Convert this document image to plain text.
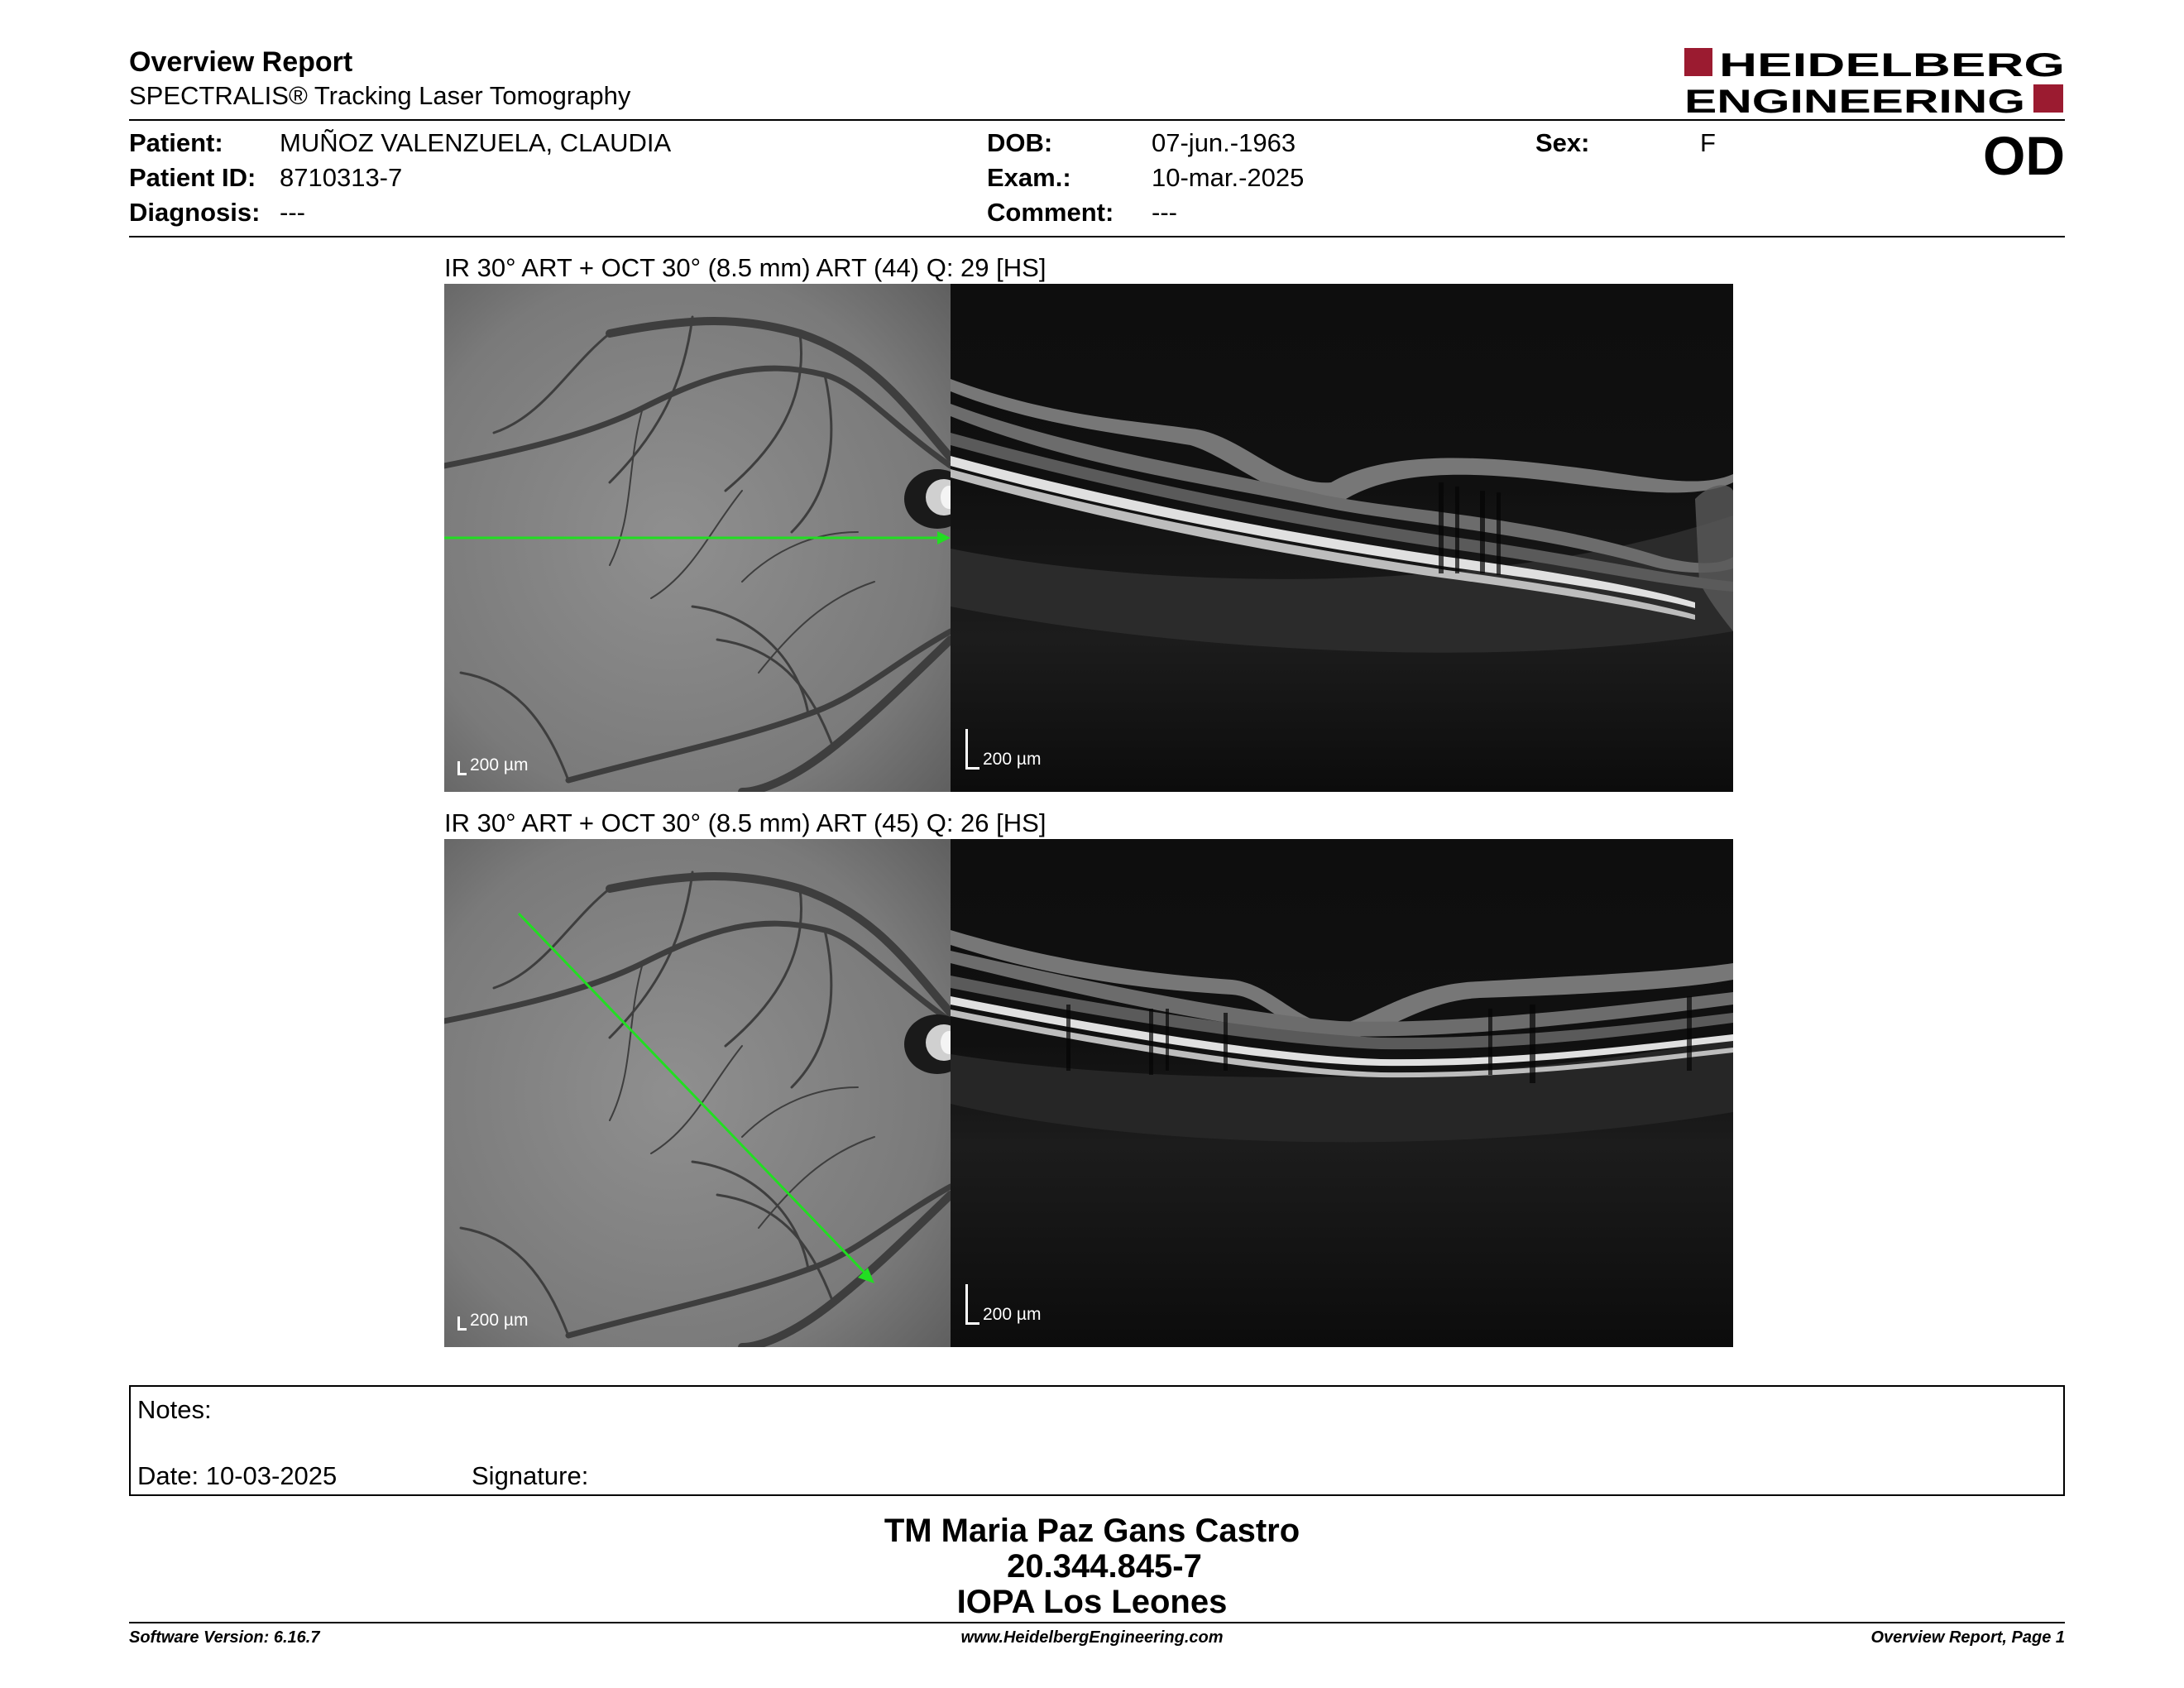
Overview Report
SPECTRALIS® Tracking Laser Tomography
HEIDELBERG
ENGINEERING
Patient: MUÑOZ VALENZUELA, CLAUDIA
Patient ID: 8710313-7
Diagnosis: ---
DOB:	07-jun.-1963
Exam.:	10-mar.-2025
Comment: ---
Sex:	F	OD
IR 30° ART + OCT 30° (8.5 mm) ART (44) Q: 29 [HS]
200 µm	200 µm
IR 30° ART + OCT 30° (8.5 mm) ART (45) Q: 26 [HS]
200 µm	200 µm
Notes:
Date: 10-03-2025	Signature:
TM Maria Paz Gans Castro
20.344.845-7
IOPA Los Leones
Software Version: 6.16.7	www.HeidelbergEngineering.com	Overview Report, Page 1
